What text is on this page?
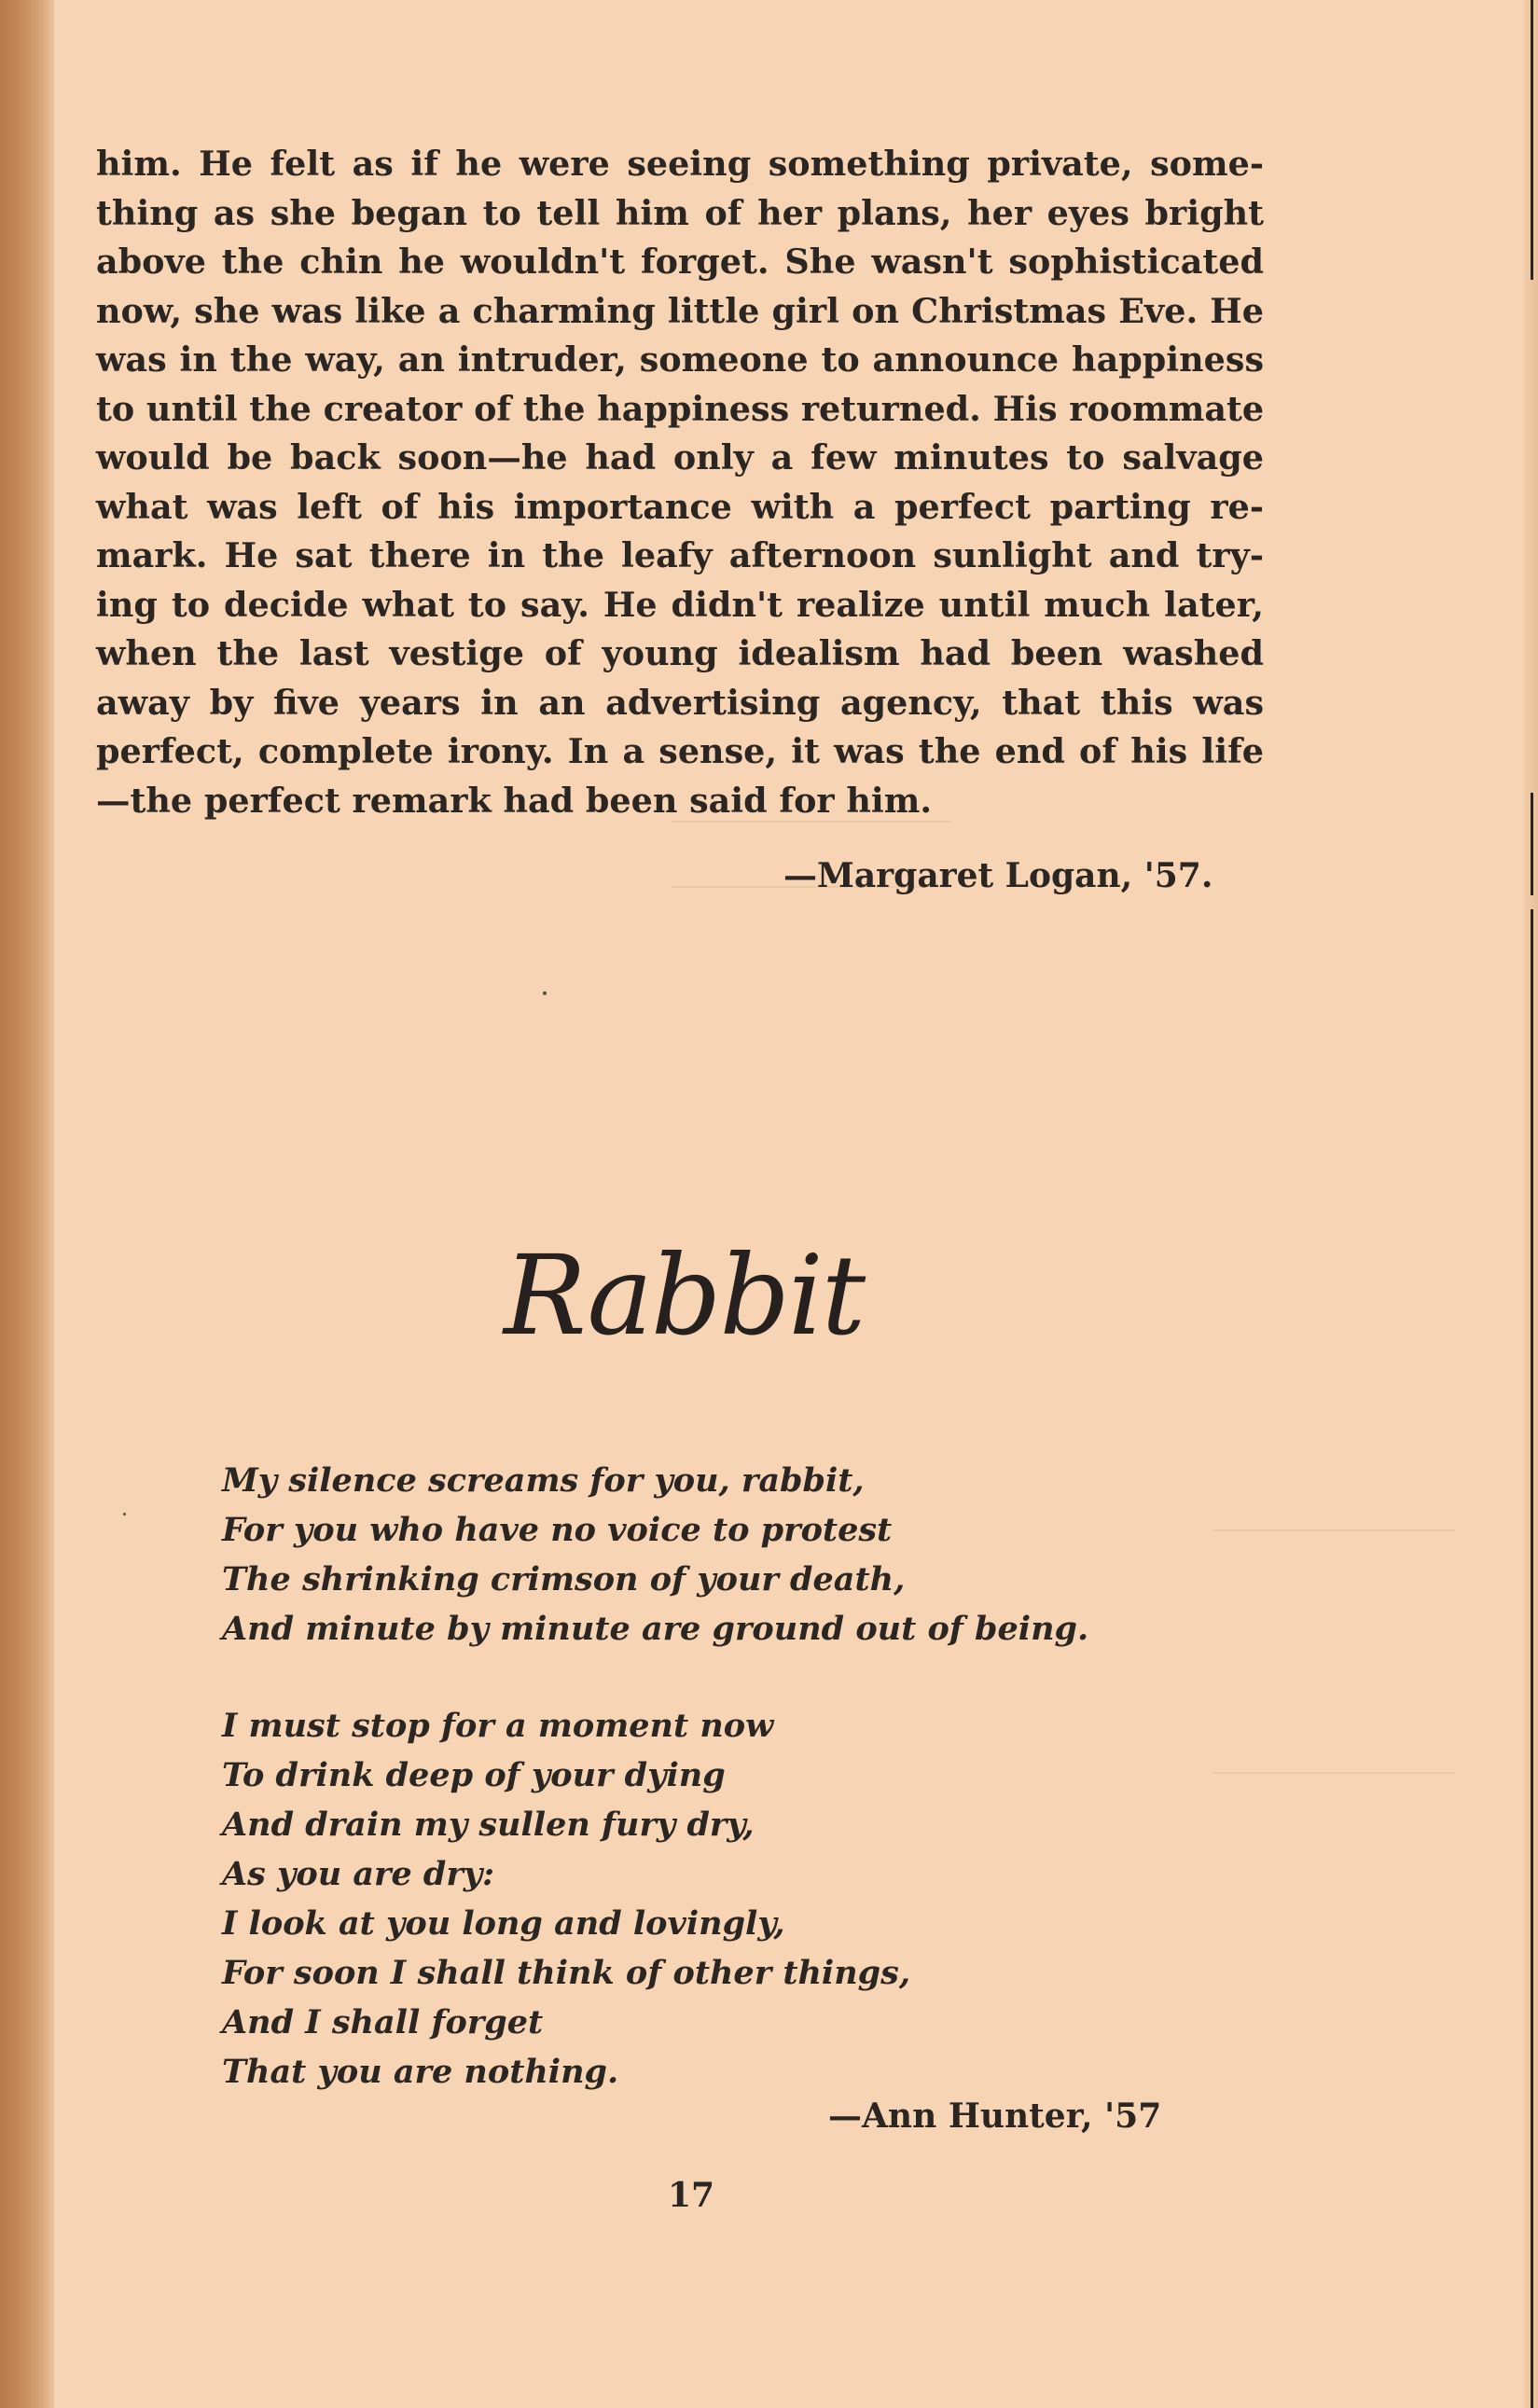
him. He felt as if he were seeing something private, some-
thing as she began to tell him of her plans, her eyes bright
above the chin he wouldn't forget. She wasn't sophisticated
now, she was like a charming little girl on Christmas Eve. He
was in the way, an intruder, someone to announce happiness
to until the creator of the happiness returned. His roommate
would be back soon—he had only a few minutes to salvage
what was left of his importance with a perfect parting re-
mark. He sat there in the leafy afternoon sunlight and try-
ing to decide what to say. He didn't realize until much later,
when the last vestige of young idealism had been washed
away by five years in an advertising agency, that this was
perfect, complete irony. In a sense, it was the end of his life
—the perfect remark had been said for him.
—Margaret Logan, '57.
Rabbit
My silence screams for you, rabbit,
For you who have no voice to protest
The shrinking crimson of your death,
And minute by minute are ground out of being.
I must stop for a moment now
To drink deep of your dying
And drain my sullen fury dry,
As you are dry:
I look at you long and lovingly,
For soon I shall think of other things,
And I shall forget
That you are nothing.
—Ann Hunter, '57
17
